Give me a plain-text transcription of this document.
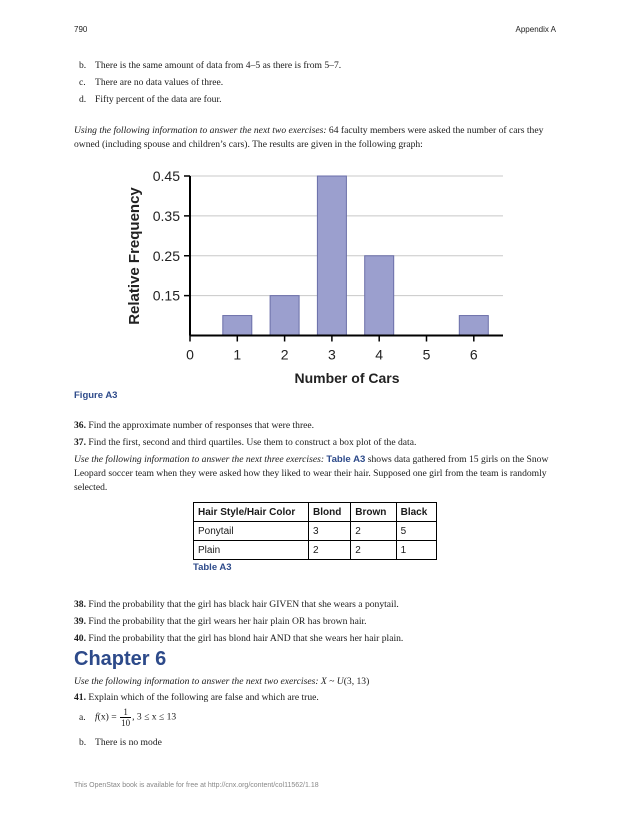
790	Appendix A
b. There is the same amount of data from 4–5 as there is from 5–7.
c. There are no data values of three.
d. Fifty percent of the data are four.
Using the following information to answer the next two exercises: 64 faculty members were asked the number of cars they owned (including spouse and children’s cars). The results are given in the following graph:
Relative Frequency
Number of Cars
0.15
0.25
0.35
0.45
0	1	2	3	4	5	6
Figure A3
36. Find the approximate number of responses that were three.
37. Find the first, second and third quartiles. Use them to construct a box plot of the data.
Use the following information to answer the next three exercises: Table A3 shows data gathered from 15 girls on the Snow Leopard soccer team when they were asked how they liked to wear their hair. Supposed one girl from the team is randomly selected.
Hair Style/Hair Color	Blond	Brown	Black
Ponytail	3	2	5
Plain	2	2	1
Table A3
38. Find the probability that the girl has black hair GIVEN that she wears a ponytail.
39. Find the probability that the girl wears her hair plain OR has brown hair.
40. Find the probability that the girl has blond hair AND that she wears her hair plain.
Chapter 6
Use the following information to answer the next two exercises: X ~ U(3, 13)
41. Explain which of the following are false and which are true.
a. $f(x) = \frac{1}{10}$ , 3 ≤ x ≤ 13
b. There is no mode
This OpenStax book is available for free at http://cnx.org/content/col11562/1.18
